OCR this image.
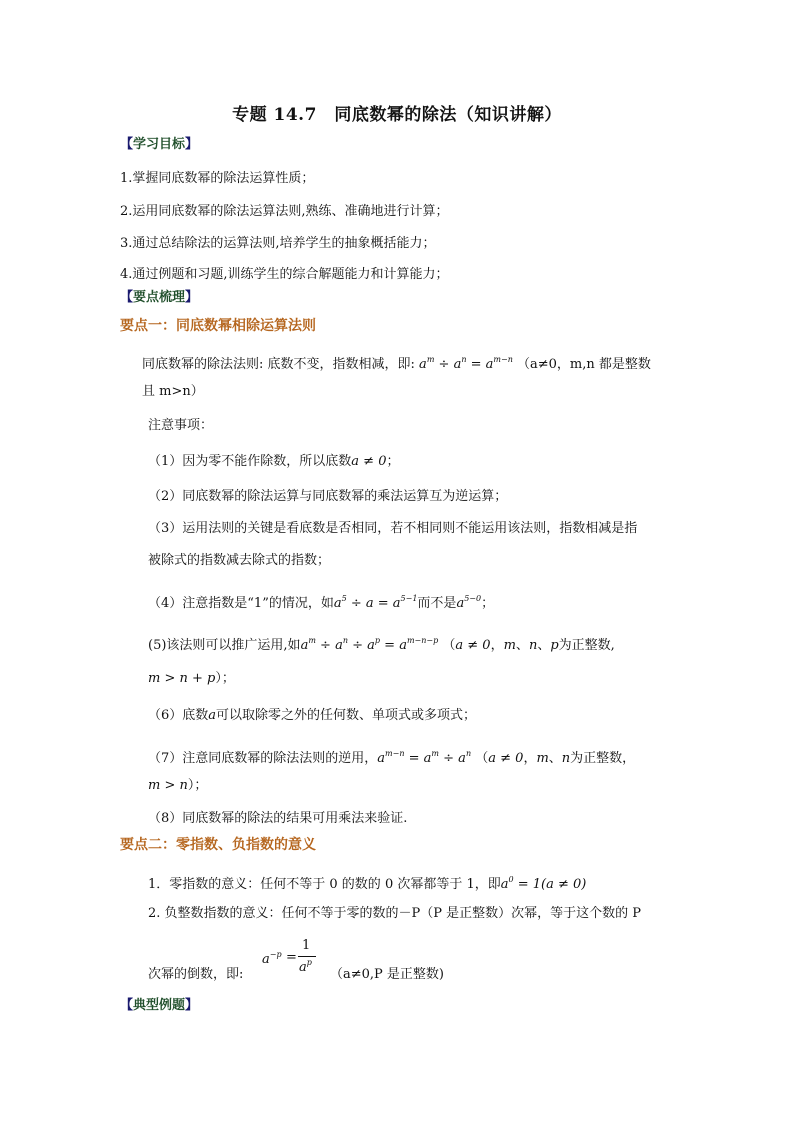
专题 14.7　同底数幂的除法（知识讲解）
【学习目标】
1.掌握同底数幂的除法运算性质；
2.运用同底数幂的除法运算法则,熟练、准确地进行计算；
3.通过总结除法的运算法则,培养学生的抽象概括能力；
4.通过例题和习题,训练学生的综合解题能力和计算能力；
【要点梳理】
要点一：同底数幂相除运算法则
同底数幂的除法法则: 底数不变，指数相减，即: $a^m \div a^n = a^{m-n}$ （a≠0，m,n 都是整数
且 m>n）
注意事项：
（1）因为零不能作除数，所以底数a ≠ 0；
（2）同底数幂的除法运算与同底数幂的乘法运算互为逆运算；
（3）运用法则的关键是看底数是否相同，若不相同则不能运用该法则，指数相减是指
被除式的指数减去除式的指数；
（4）注意指数是“1”的情况，如$a^5 \div a = a^{5-1}$而不是$a^{5-0}$；
(5)该法则可以推广运用,如$a^m \div a^n \div a^p = a^{m-n-p}$ （a ≠ 0，m、n、p为正整数,
m > n + p）；
（6）底数a可以取除零之外的任何数、单项式或多项式；
（7）注意同底数幂的除法法则的逆用，$a^{m-n} = a^m \div a^n$ （a ≠ 0，m、n为正整数，
m > n）；
（8）同底数幂的除法的结果可用乘法来验证.
要点二：零指数、负指数的意义
1．零指数的意义：任何不等于 0 的数的 0 次幂都等于 1，即$a^0 = 1(a \ne 0)$
2. 负整数指数的意义：任何不等于零的数的－P（P 是正整数）次幂，等于这个数的 P
$a^{-p}$ =
1
$a^p$
次幂的倒数，即:	（a≠0,P 是正整数)
【典型例题】
